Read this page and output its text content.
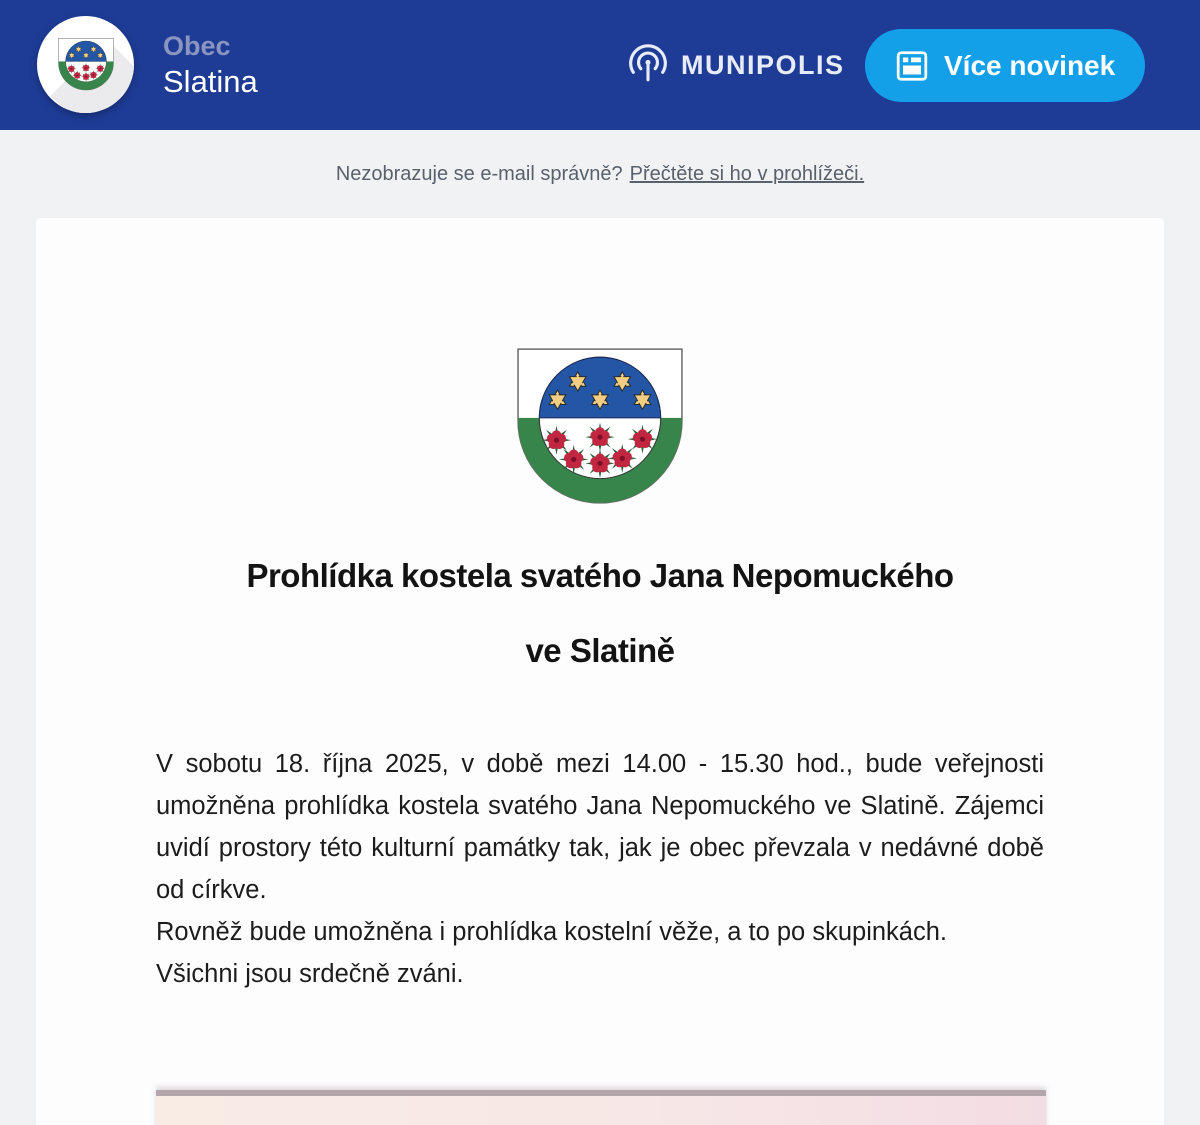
Obec
Slatina	MUNIPOLIS	Více novinek
Nezobrazuje se e-mail správně? Přečtěte si ho v prohlížeči.
Prohlídka kostela svatého Jana Nepomuckého
ve Slatině
V sobotu 18. října 2025, v době mezi 14.00 - 15.30 hod., bude veřejnosti umožněna prohlídka kostela svatého Jana Nepomuckého ve Slatině. Zájemci uvidí prostory této kulturní památky tak, jak je obec převzala v nedávné době od církve.
Rovněž bude umožněna i prohlídka kostelní věže, a to po skupinkách.
Všichni jsou srdečně zváni.
